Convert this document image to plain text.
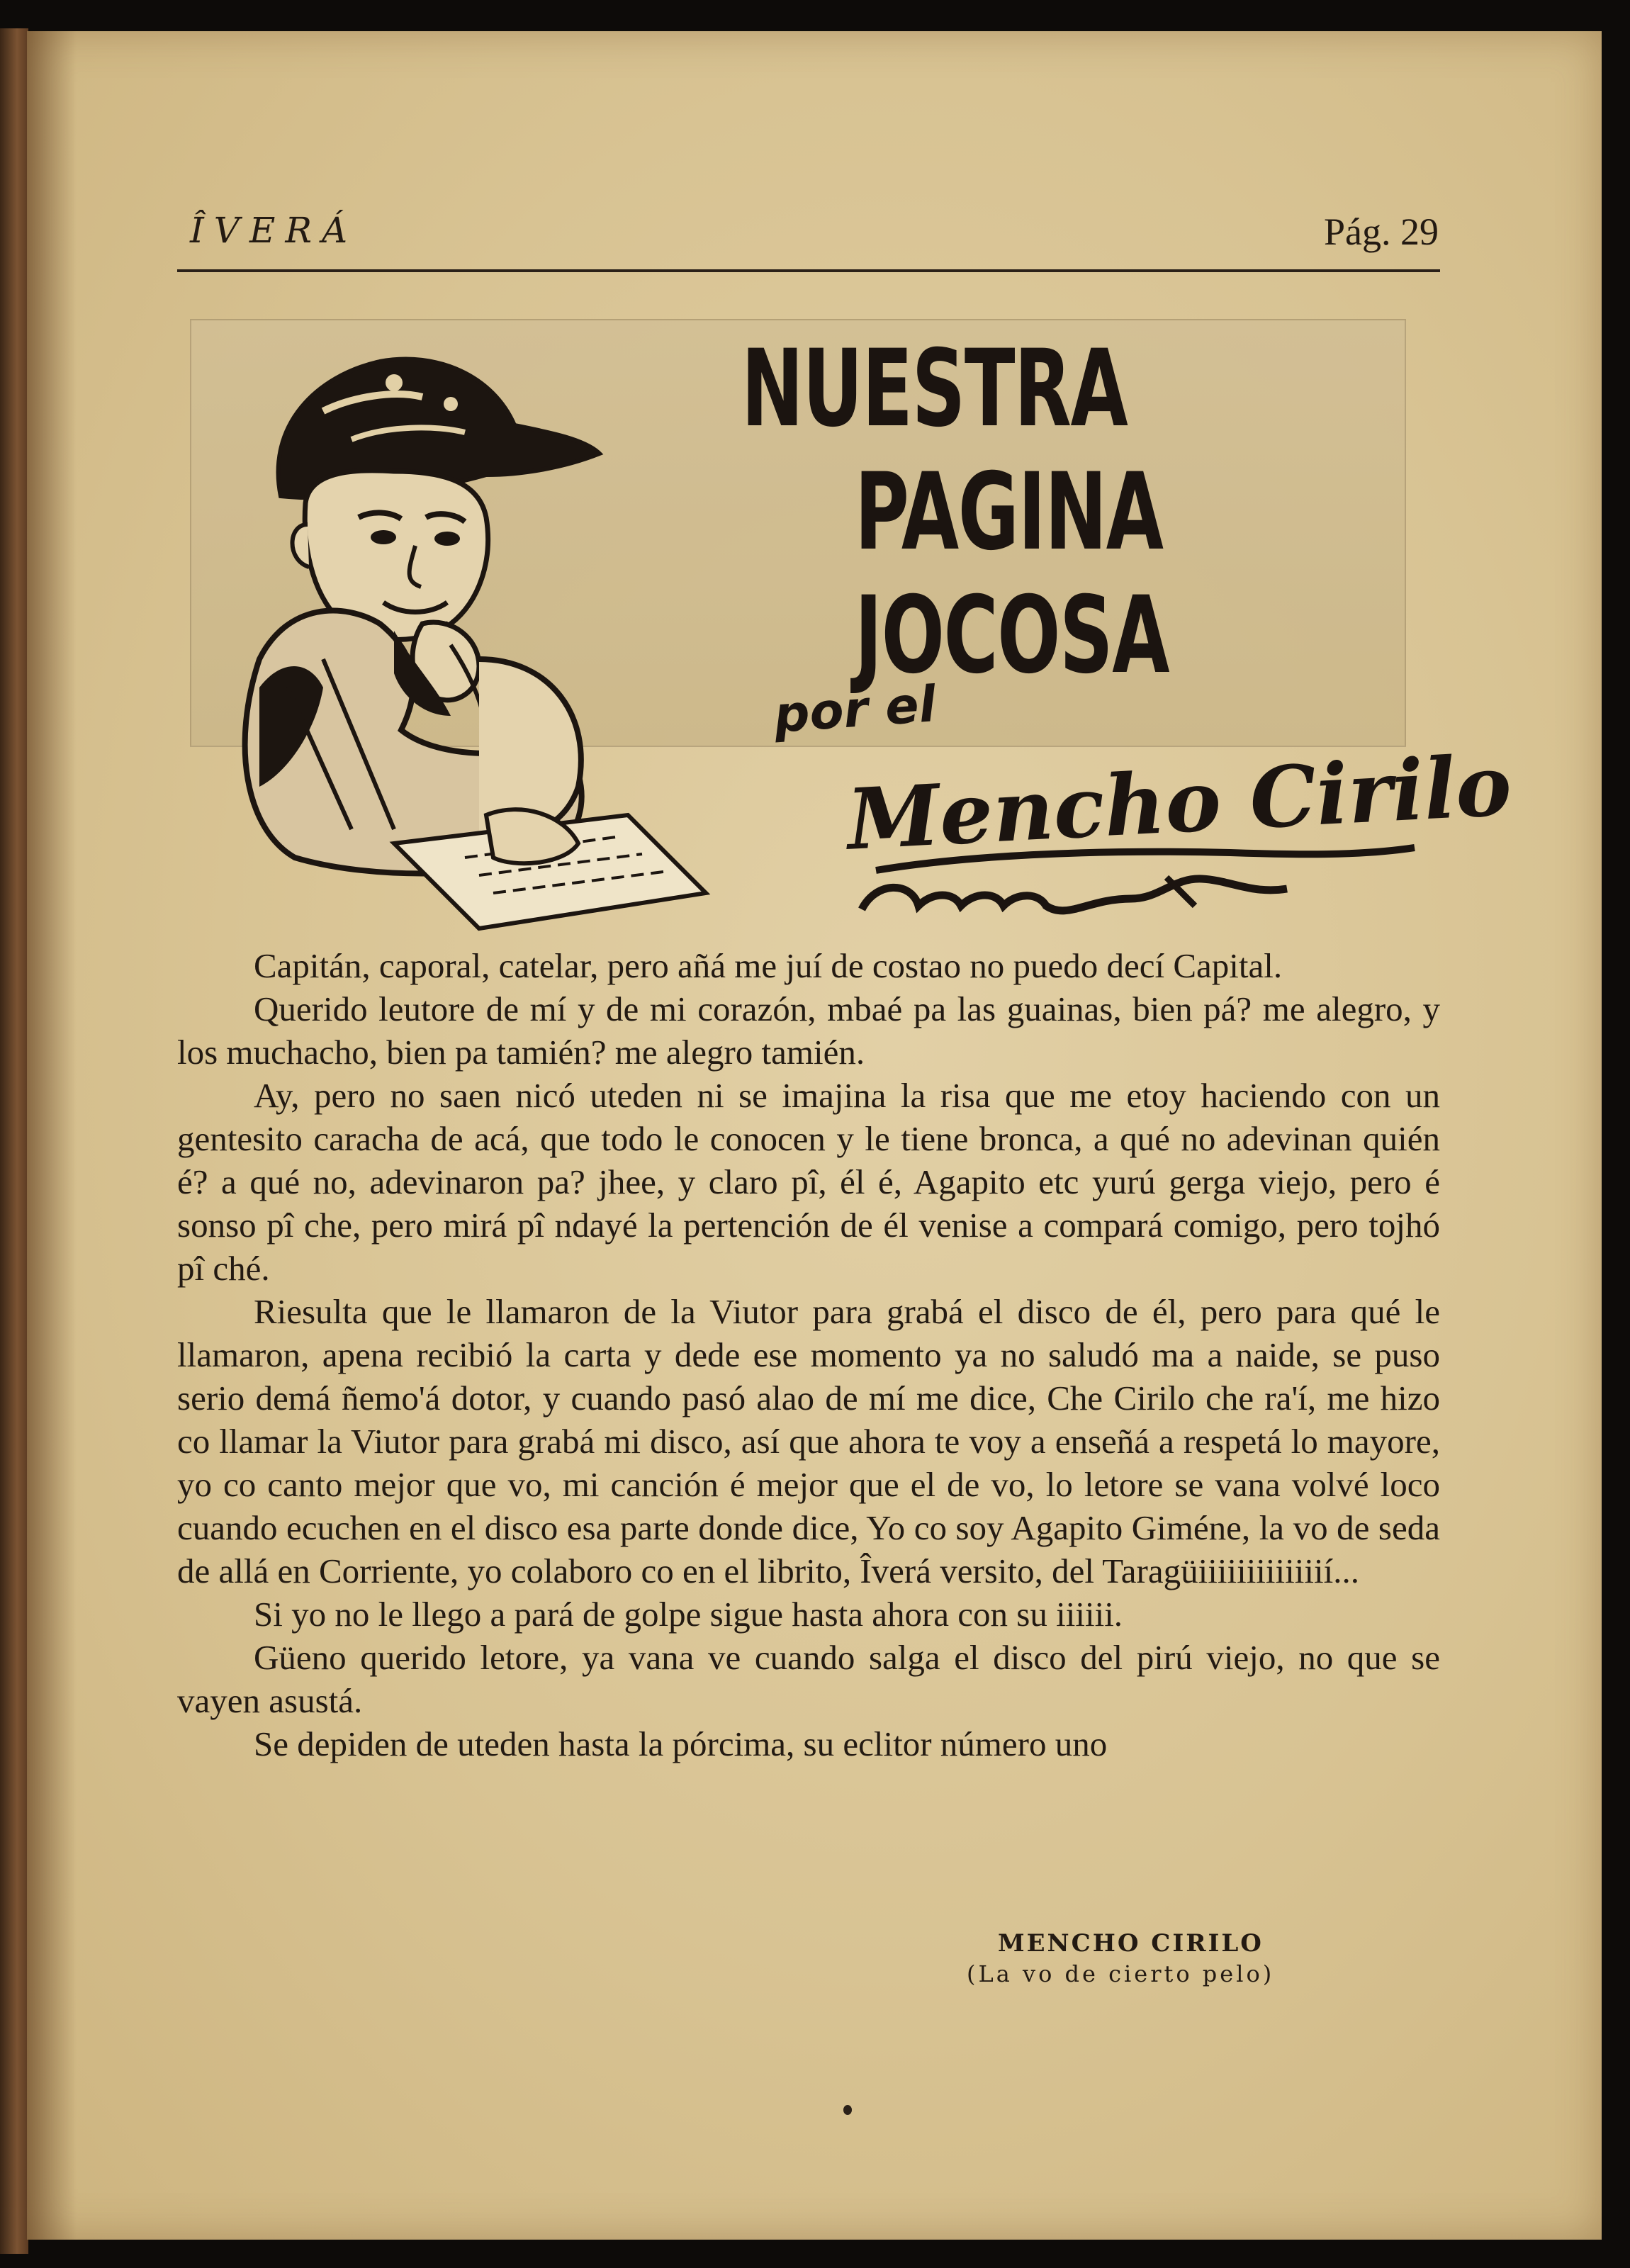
ÎVERÁ	Pág. 29
NUESTRA
PAGINA
JOCOSA
por el
Mencho Cirilo

Capitán, caporal, catelar, pero añá me juí de costao no puedo decí Capital.

Querido leutore de mí y de mi corazón, mbaé pa las guainas, bien pá? me alegro, y los muchacho, bien pa tamién? me alegro tamién.

Ay, pero no saen nicó uteden ni se imajina la risa que me etoy haciendo con un gentesito caracha de acá, que todo le conocen y le tiene bronca, a qué no adevinan quién é? a qué no, adevinaron pa? jhee, y claro pî, él é, Agapito etc yurú gerga viejo, pero é sonso pî che, pero mirá pî ndayé la pertención de él venise a compará comigo, pero tojhó pî ché.

Riesulta que le llamaron de la Viutor para grabá el disco de él, pero para qué le llamaron, apena recibió la carta y dede ese momento ya no saludó ma a naide, se puso serio demá ñemo'á dotor, y cuando pasó alao de mí me dice, Che Cirilo che ra'í, me hizo co llamar la Viutor para grabá mi disco, así que ahora te voy a enseñá a respetá lo mayore, yo co canto mejor que vo, mi canción é mejor que el de vo, lo letore se vana volvé loco cuando ecuchen en el disco esa parte donde dice, Yo co soy Agapito Giméne, la vo de seda de allá en Corriente, yo colaboro co en el librito, Îverá versito, del Taragüiiiiiiiiiiiiií...

Si yo no le llego a pará de golpe sigue hasta ahora con su iiiiii.

Güeno querido letore, ya vana ve cuando salga el disco del pirú viejo, no que se vayen asustá.

Se depiden de uteden hasta la pórcima, su eclitor número uno

MENCHO CIRILO
(La vo de cierto pelo)
